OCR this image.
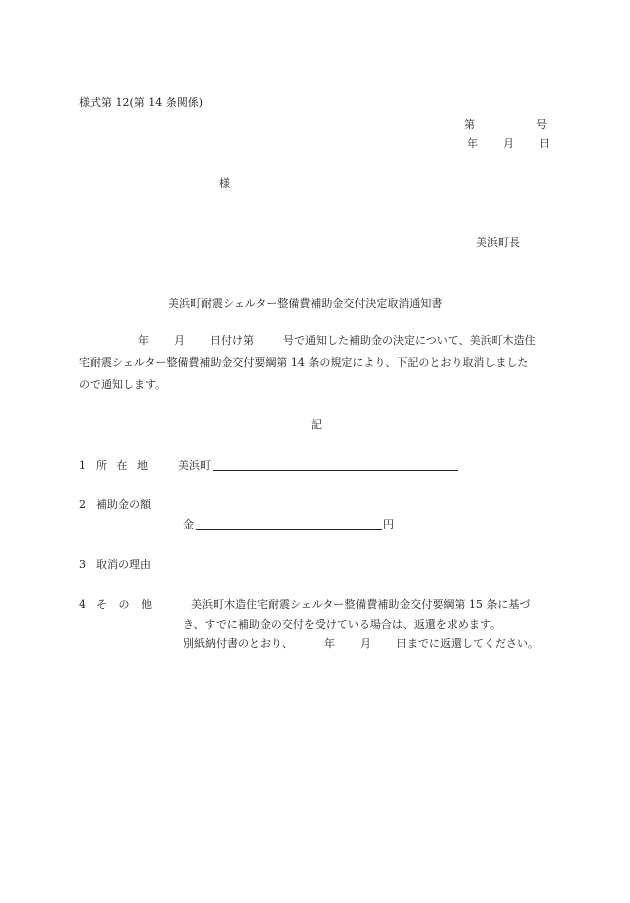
様式第 12(第 14 条関係)
第	号
年 月 日
様
美浜町長
美浜町耐震シェルター整備費補助金交付決定取消通知書
年 月 日付け第	号で通知した補助金の決定について、美浜町木造住
宅耐震シェルター整備費補助金交付要綱第 14 条の規定により、下記のとおり取消しました
ので通知します。
記
1 所 在 地 美浜町
2 補助金の額
金	円
3 取消の理由
4 そ の 他	美浜町木造住宅耐震シェルター整備費補助金交付要綱第 15 条に基づ
き、すでに補助金の交付を受けている場合は、返還を求めます。
別紙納付書のとおり、	年 月 日までに返還してください。
